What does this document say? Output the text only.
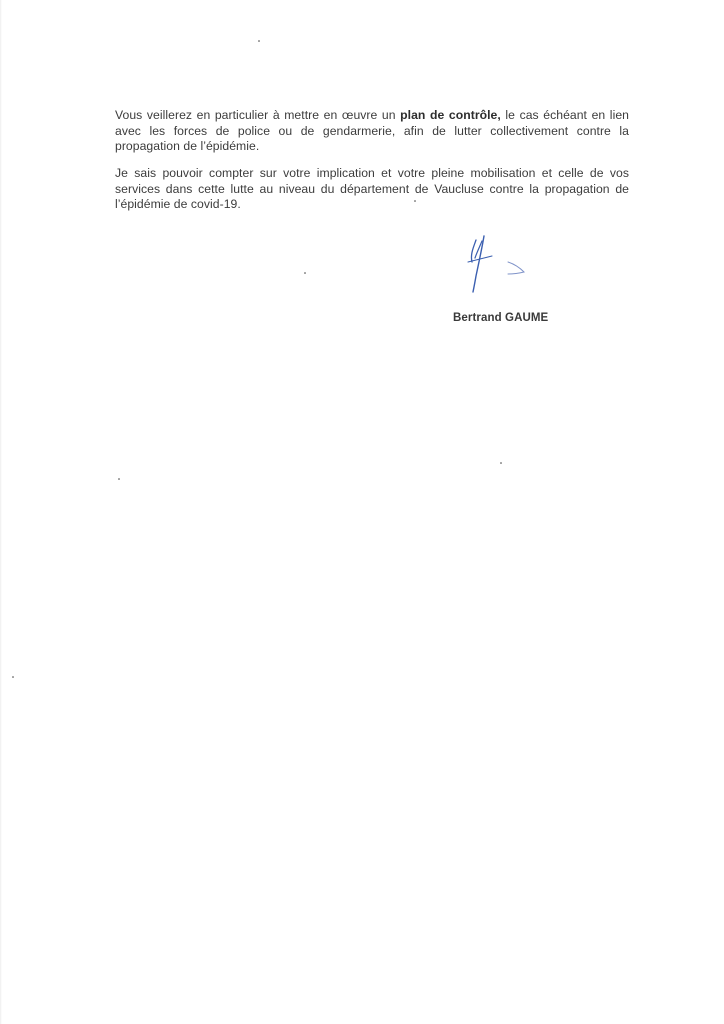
Vous veillerez en particulier à mettre en œuvre un plan de contrôle, le cas échéant en lien avec les forces de police ou de gendarmerie, afin de lutter collectivement contre la propagation de l’épidémie.

Je sais pouvoir compter sur votre implication et votre pleine mobilisation et celle de vos services dans cette lutte au niveau du département de Vaucluse contre la propagation de l’épidémie de covid-19.

Bertrand GAUME
